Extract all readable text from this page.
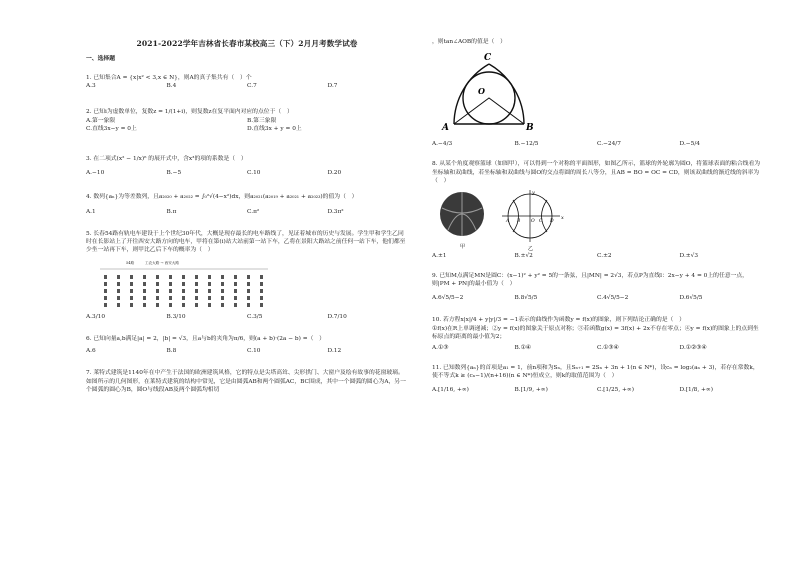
2021-2022学年吉林省长春市某校高三（下）2月月考数学试卷
一、选择题
1. 已知集合A = {x|x² < 3,x ∈ N}，则A的真子集共有（　）个
A.3	B.4	C.7	D.7
2. 已知i为虚数单位，复数z = 1/(1+i)，则复数z在复平面内对应的点位于（　）
A.第一象限	B.第三象限
C.直线3x−y = 0上	D.直线3x + y = 0上
3. 在二项式(x² − 1/x)⁶ 的展开式中，含x³的项的系数是（　）
A.−10	B.−5	C.10	D.20
4. 数列{aₙ}为等差数列，且a₂₀₂₀ + a₂₀₂₂ = ∫₀²√(4−x²)dx，则a₂₀₂₁(a₂₀₁₉ + a₂₀₂₁ + a₂₀₂₃)的值为（　）
A.1	B.π	C.π²	D.3π²
5. 长春54路有轨电车建设于上个世纪30年代，大概是现存最长的电车路线了，见证着城市的历史与发展。学生甲和学生乙同时在长影站上了开往西安大路方向的电车，甲将在第(i)站大站前第一站下车，乙将在景阳大路站之前任何一站下车，他们都至少坐一站再下车，则甲比乙后下车的概率为（　）
54路　　　工农大路 → 西安大路
A.3/10	B.3/10	C.3/5	D.7/10
6. 已知向量a,b满足|a| = 2，|b| = √3，且a与b的夹角为π/6，则(a + b)·(2a − b) =（　）
A.6	B.8	C.10	D.12
7. 莱特式建筑是1140年在中产生于法国的欧洲建筑风格，它的特点是尖塔高耸、尖形拱门、大窗户及绘有故事的花窗玻璃。如图所示的几何图形，在莱特式建筑的结构中常见，它是由圆弧AB和两个圆弧AC，BC围成，其中一个圆弧的圆心为A，另一个圆弧的圆心为B，圆O与线段AB及两个圆弧均相切
，则tan∠AOB的值是（　）
C
O
A	B
A.−4/3	B.−12/5	C.−24/7	D.−5/4
8. 从某个角度观察篮球（如图甲），可以得到一个对称的平面图形，如图乙所示，篮球的外轮廓为圆O，将篮球表面的粘合线看为坐标轴和双曲线，若坐标轴和双曲线与圆O的交点将圆的周长八等分，且AB = BO = OC = CD，则该双曲线的渐近线的斜率为（　）
甲
y
x
A B O C D
乙
A.±1	B.±√2	C.±2	D.±√3
9. 已知M点满足MN是圆C：(x−1)² + y² = 5的一条弦，且|MN| = 2√3，若点P为直线l：2x−y + 4 = 0上的任意一点，则|PM + PN|的最小值为（　）
A.6√5/5−2	B.8√5/5	C.4√5/5−2	D.6√5/5
10. 若方程x|x|/4 + y|y|/3 = −1表示的曲线作为函数y = f(x)的图象，则下列结论正确的是（　）
①f(x)在R上单调递减；②y = f(x)的图象关于原点对称；③若函数g(x) = 3f(x) + 2x不存在零点；④y = f(x)的图象上的点到坐标原点的距离的最小值为2；
A.①③	B.①④	C.①③④	D.①②③④
11. 已知数列{aₙ}的首项是a₁ = 1，前n项和为Sₙ，且Sₙ₊₁ = 2Sₙ + 3n + 1(n ∈ N*)，设cₙ = log₂(aₙ + 3)，若存在常数k，使不等式k ≥ (cₙ−1)/(n+16)(n ∈ N*)恒成立，则k的取值范围为（　）
A.[1/16, +∞)	B.[1/9, +∞)	C.[1/25, +∞)	D.[1/8, +∞)
